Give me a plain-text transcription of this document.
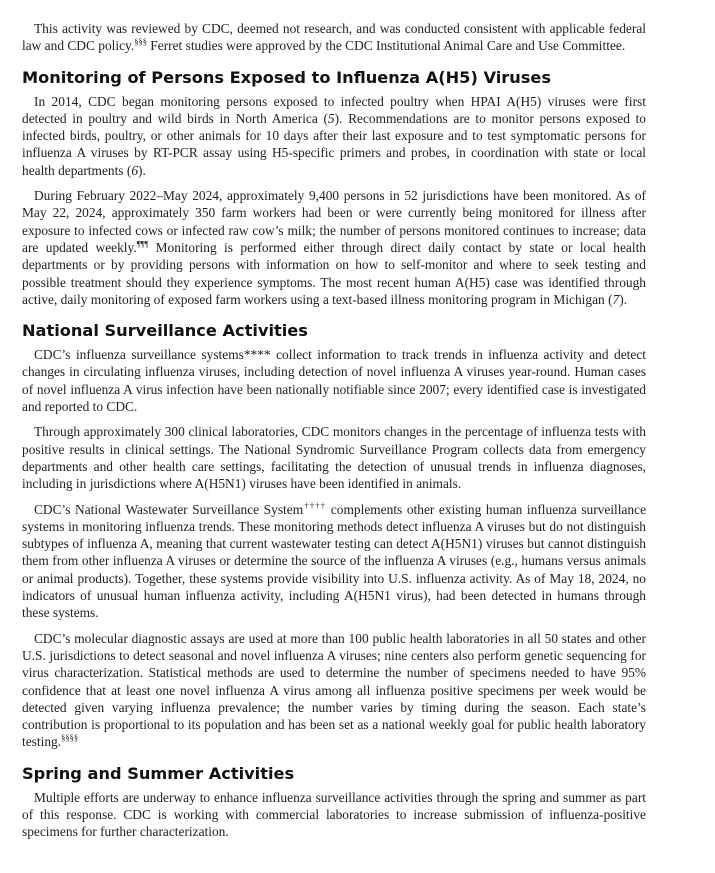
This activity was reviewed by CDC, deemed not research, and was conducted consistent with applicable federal law and CDC policy.§§§ Ferret studies were approved by the CDC Institutional Animal Care and Use Committee.

Monitoring of Persons Exposed to Influenza A(H5) Viruses

In 2014, CDC began monitoring persons exposed to infected poultry when HPAI A(H5) viruses were first detected in poultry and wild birds in North America (5). Recommendations are to monitor persons exposed to infected birds, poultry, or other animals for 10 days after their last exposure and to test symptomatic persons for influenza A viruses by RT-PCR assay using H5-specific primers and probes, in coordination with state or local health departments (6).

During February 2022–May 2024, approximately 9,400 persons in 52 jurisdictions have been monitored. As of May 22, 2024, approximately 350 farm workers had been or were currently being monitored for illness after exposure to infected cows or infected raw cow’s milk; the number of persons monitored continues to increase; data are updated weekly.¶¶¶ Monitoring is performed either through direct daily contact by state or local health departments or by providing persons with information on how to self-monitor and where to seek testing and possible treatment should they experience symptoms. The most recent human A(H5) case was identified through active, daily monitoring of exposed farm workers using a text-based illness monitoring program in Michigan (7).

National Surveillance Activities

CDC’s influenza surveillance systems**** collect information to track trends in influenza activity and detect changes in circulating influenza viruses, including detection of novel influenza A viruses year-round. Human cases of novel influenza A virus infection have been nationally notifiable since 2007; every identified case is investigated and reported to CDC.

Through approximately 300 clinical laboratories, CDC monitors changes in the percentage of influenza tests with positive results in clinical settings. The National Syndromic Surveillance Program collects data from emergency departments and other health care settings, facilitating the detection of unusual trends in influenza diagnoses, including in jurisdictions where A(H5N1) viruses have been identified in animals.

CDC’s National Wastewater Surveillance System†††† complements other existing human influenza surveillance systems in monitoring influenza trends. These monitoring methods detect influenza A viruses but do not distinguish subtypes of influenza A, meaning that current wastewater testing can detect A(H5N1) viruses but cannot distinguish them from other influenza A viruses or determine the source of the influenza A viruses (e.g., humans versus animals or animal products). Together, these systems provide visibility into U.S. influenza activity. As of May 18, 2024, no indicators of unusual human influenza activity, including A(H5N1 virus), had been detected in humans through these systems.

CDC’s molecular diagnostic assays are used at more than 100 public health laboratories in all 50 states and other U.S. jurisdictions to detect seasonal and novel influenza A viruses; nine centers also perform genetic sequencing for virus characterization. Statistical methods are used to determine the number of specimens needed to have 95% confidence that at least one novel influenza A virus among all influenza positive specimens per week would be detected given varying influenza prevalence; the number varies by timing during the season. Each state’s contribution is proportional to its population and has been set as a national weekly goal for public health laboratory testing.§§§§

Spring and Summer Activities

Multiple efforts are underway to enhance influenza surveillance activities through the spring and summer as part of this response. CDC is working with commercial laboratories to increase submission of influenza-positive specimens for further characterization.
